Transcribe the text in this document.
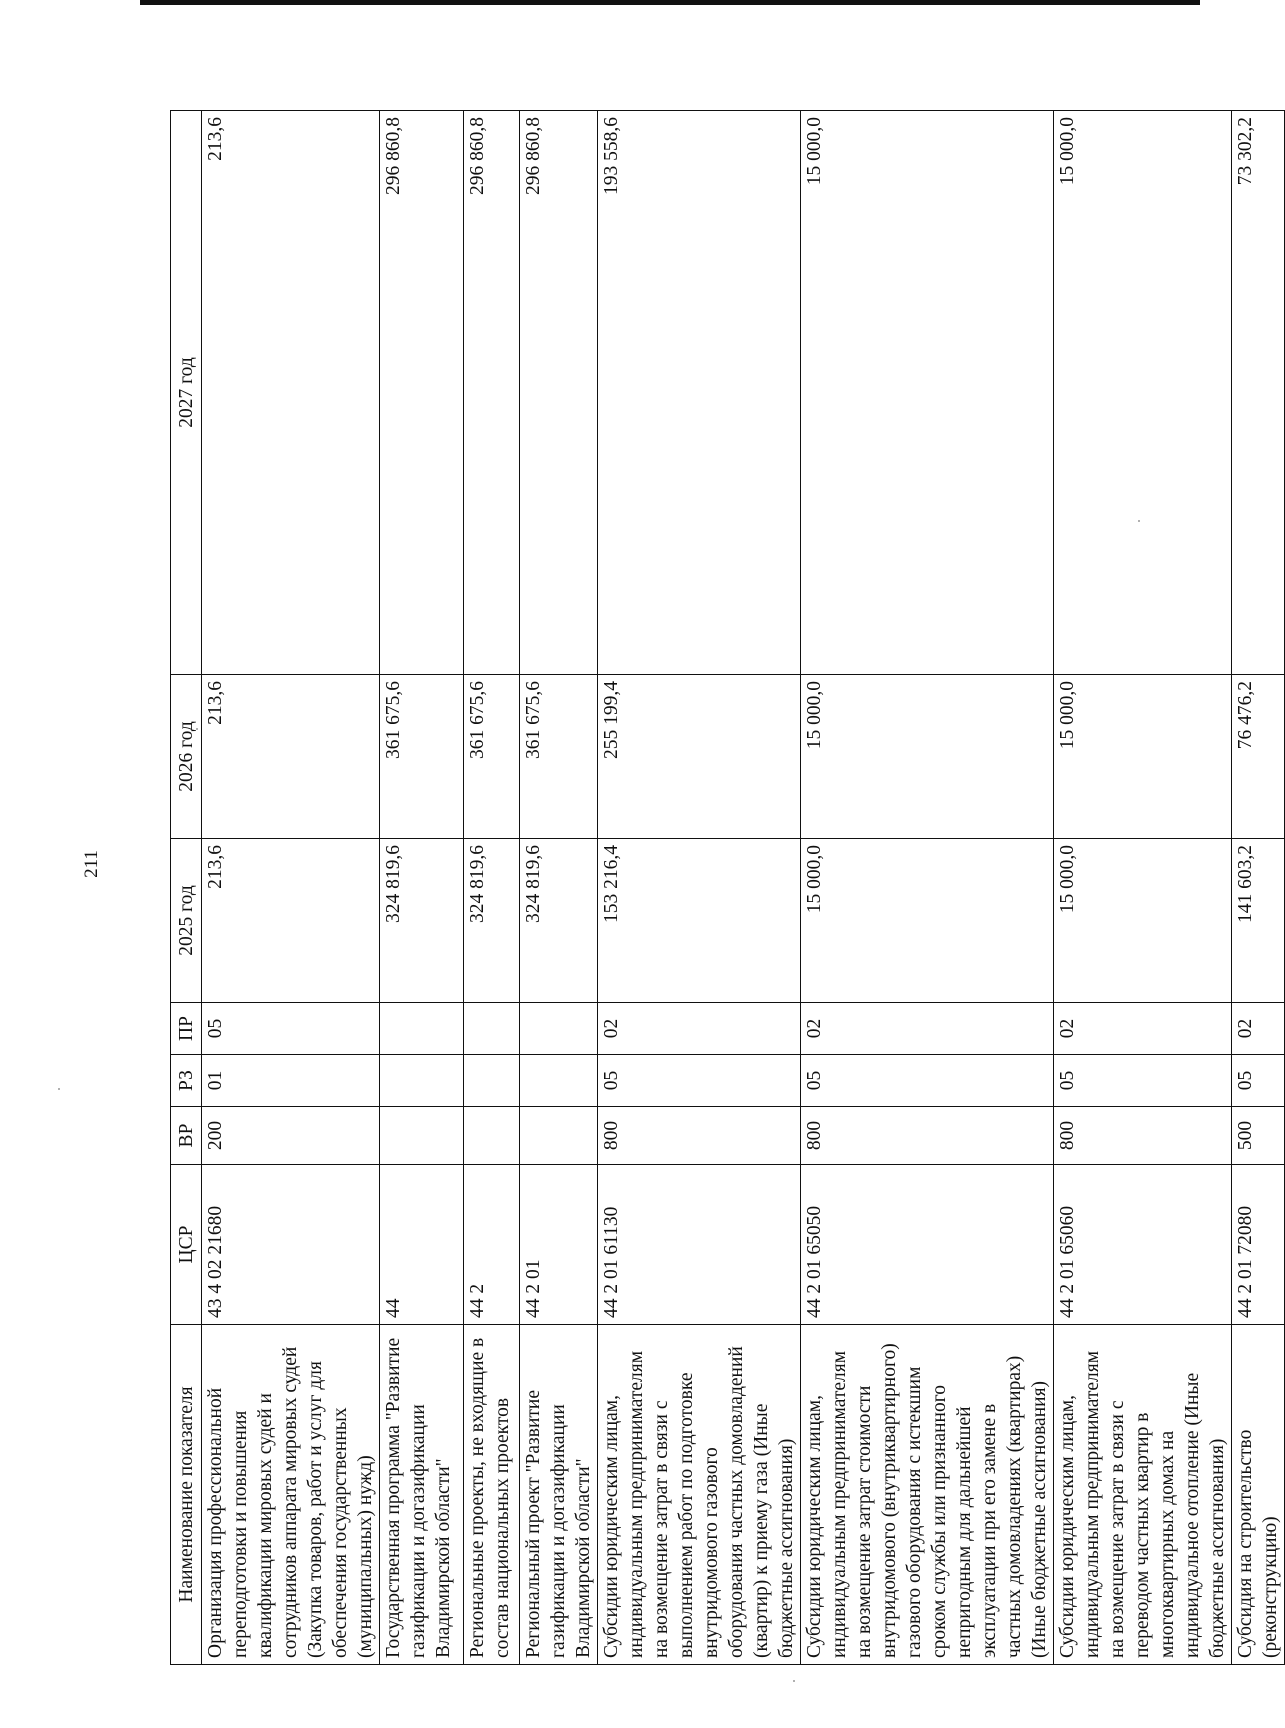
211
Наименование показателя	ЦСР	ВР	РЗ	ПР	2025 год	2026 год	2027 год
Организация профессиональной переподготовки и повышения квалификации мировых судей и сотрудников аппарата мировых судей (Закупка товаров, работ и услуг для обеспечения государственных (муниципальных) нужд)	43 4 02 21680	200	01	05	213,6	213,6	213,6
Государственная программа "Развитие газификации и догазификации Владимирской области"	44				324 819,6	361 675,6	296 860,8
Региональные проекты, не входящие в состав национальных проектов	44 2				324 819,6	361 675,6	296 860,8
Региональный проект "Развитие газификации и догазификации Владимирской области"	44 2 01				324 819,6	361 675,6	296 860,8
Субсидии юридическим лицам, индивидуальным предпринимателям на возмещение затрат в связи с выполнением работ по подготовке внутридомового газового оборудования частных домовладений (квартир) к приему газа (Иные бюджетные ассигнования)	44 2 01 61130	800	05	02	153 216,4	255 199,4	193 558,6
Субсидии юридическим лицам, индивидуальным предпринимателям на возмещение затрат стоимости внутридомового (внутриквартирного) газового оборудования с истекшим сроком службы или признанного непригодным для дальнейшей эксплуатации при его замене в частных домовладениях (квартирах) (Иные бюджетные ассигнования)	44 2 01 65050	800	05	02	15 000,0	15 000,0	15 000,0
Субсидии юридическим лицам, индивидуальным предпринимателям на возмещение затрат в связи с переводом частных квартир в многоквартирных домах на индивидуальное отопление (Иные бюджетные ассигнования)	44 2 01 65060	800	05	02	15 000,0	15 000,0	15 000,0
Субсидия на строительство (реконструкцию)	44 2 01 72080	500	05	02	141 603,2	76 476,2	73 302,2
